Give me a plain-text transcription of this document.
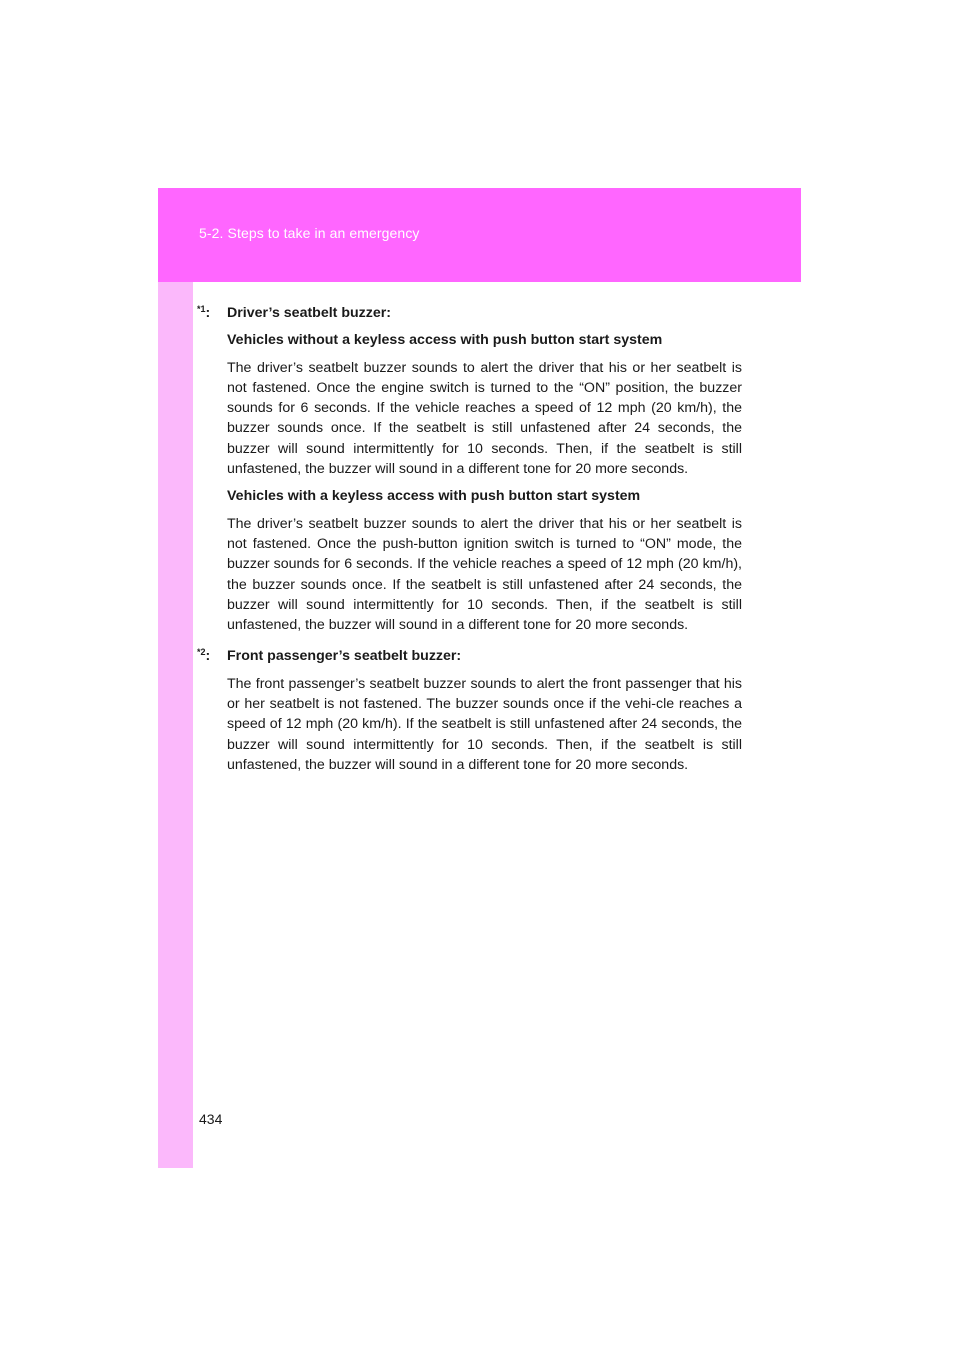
5-2. Steps to take in an emergency
$^{*1}$: Driver’s seatbelt buzzer:

Vehicles without a keyless access with push button start system

The driver’s seatbelt buzzer sounds to alert the driver that his or her seatbelt is not fastened. Once the engine switch is turned to the “ON” position, the buzzer sounds for 6 seconds. If the vehicle reaches a speed of 12 mph (20 km/h), the buzzer sounds once. If the seatbelt is still unfastened after 24 seconds, the buzzer will sound intermittently for 10 seconds. Then, if the seatbelt is still unfastened, the buzzer will sound in a different tone for 20 more seconds.

Vehicles with a keyless access with push button start system

The driver’s seatbelt buzzer sounds to alert the driver that his or her seatbelt is not fastened. Once the push-button ignition switch is turned to “ON” mode, the buzzer sounds for 6 seconds. If the vehicle reaches a speed of 12 mph (20 km/h), the buzzer sounds once. If the seatbelt is still unfastened after 24 seconds, the buzzer will sound intermittently for 10 seconds. Then, if the seatbelt is still unfastened, the buzzer will sound in a different tone for 20 more seconds.

$^{*2}$: Front passenger’s seatbelt buzzer:

The front passenger’s seatbelt buzzer sounds to alert the front passenger that his or her seatbelt is not fastened. The buzzer sounds once if the vehi-cle reaches a speed of 12 mph (20 km/h). If the seatbelt is still unfastened after 24 seconds, the buzzer will sound intermittently for 10 seconds. Then, if the seatbelt is still unfastened, the buzzer will sound in a different tone for 20 more seconds.

434
